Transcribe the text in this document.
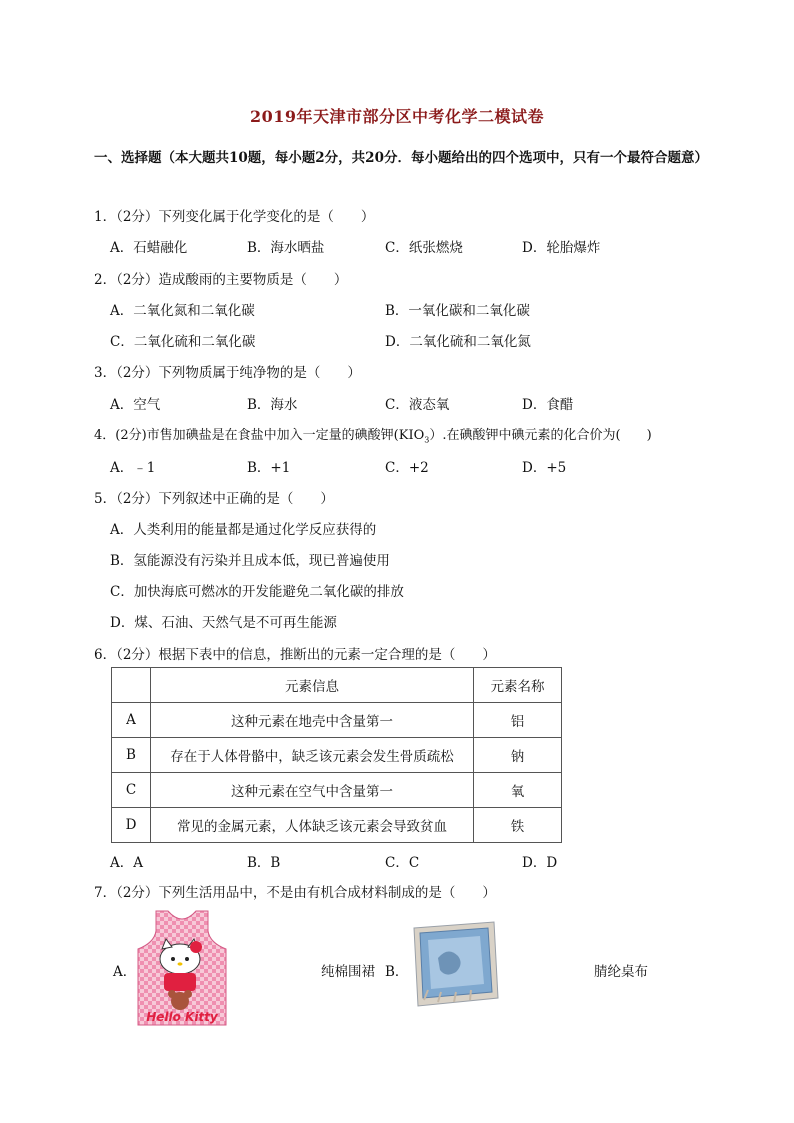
2019年天津市部分区中考化学二模试卷
一、选择题（本大题共10题，每小题2分，共20分．每小题给出的四个选项中，只有一个最符合题意）
1．（2分）下列变化属于化学变化的是（　　）
A．石蜡融化	B．海水晒盐	C．纸张燃烧	D．轮胎爆炸
2．（2分）造成酸雨的主要物质是（　　）
A．二氧化氮和二氧化碳	B．一氧化碳和二氧化碳
C．二氧化硫和二氧化碳	D．二氧化硫和二氧化氮
3．（2分）下列物质属于纯净物的是（　　）
A．空气	B．海水	C．液态氧	D．食醋
4．(2分)市售加碘盐是在食盐中加入一定量的碘酸钾$(KIO_3)$.在碘酸钾中碘元素的化合价为(　　)
A．﹣1	B．+1	C．+2	D．+5
5．（2分）下列叙述中正确的是（　　）
A．人类利用的能量都是通过化学反应获得的
B．氢能源没有污染并且成本低，现已普遍使用
C．加快海底可燃冰的开发能避免二氧化碳的排放
D．煤、石油、天然气是不可再生能源
6．（2分）根据下表中的信息，推断出的元素一定合理的是（　　）
	元素信息	元素名称
A	这种元素在地壳中含量第一	铝
B	存在于人体骨骼中，缺乏该元素会发生骨质疏松	钠
C	这种元素在空气中含量第一	氧
D	常见的金属元素，人体缺乏该元素会导致贫血	铁
A．A	B．B	C．C	D．D
7．（2分）下列生活用品中，不是由有机合成材料制成的是（　　）
A．
Hello Kitty
纯棉围裙 B．	腈纶桌布
